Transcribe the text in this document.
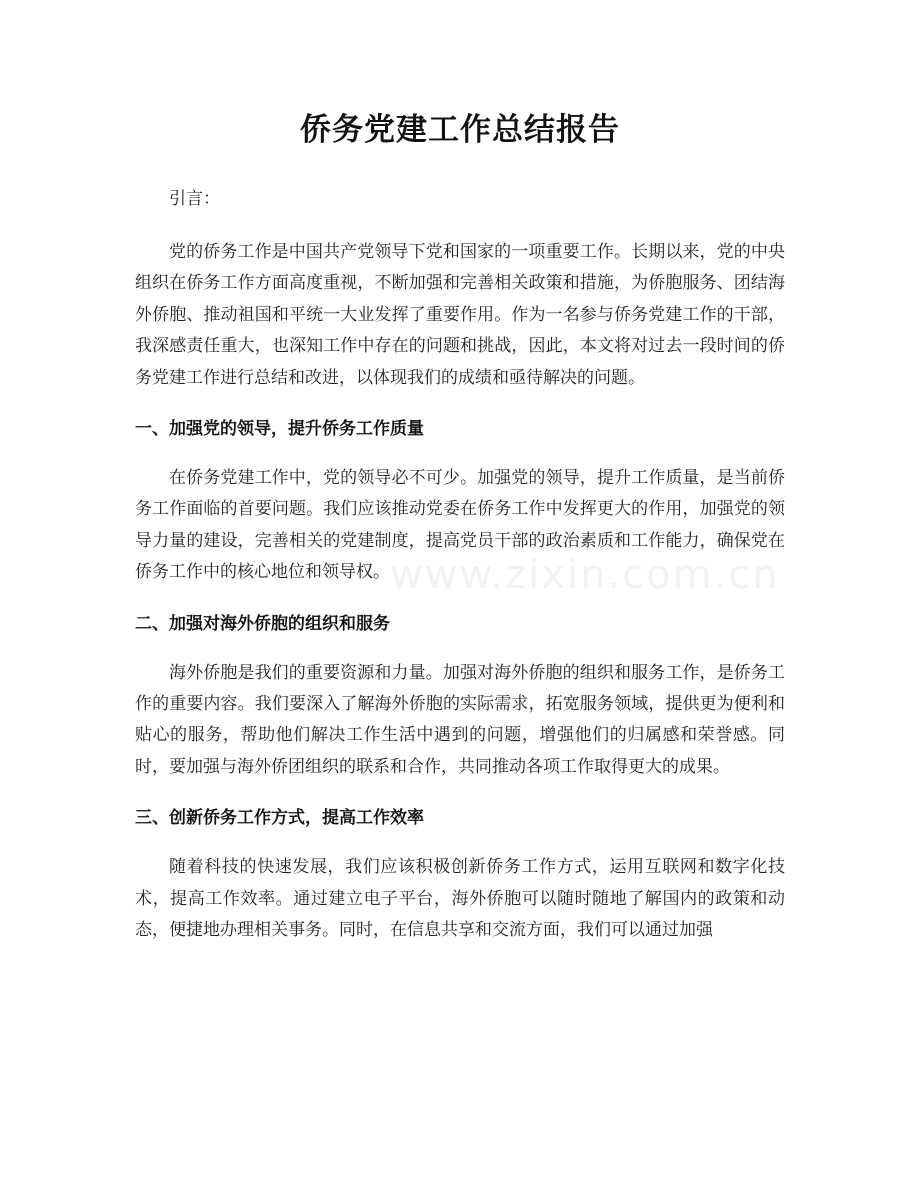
侨务党建工作总结报告
www.zixin.com.cn

引言：

党的侨务工作是中国共产党领导下党和国家的一项重要工作。长期以来，党的中央组织在侨务工作方面高度重视，不断加强和完善相关政策和措施，为侨胞服务、团结海外侨胞、推动祖国和平统一大业发挥了重要作用。作为一名参与侨务党建工作的干部，我深感责任重大，也深知工作中存在的问题和挑战，因此，本文将对过去一段时间的侨务党建工作进行总结和改进，以体现我们的成绩和亟待解决的问题。

一、加强党的领导，提升侨务工作质量

在侨务党建工作中，党的领导必不可少。加强党的领导，提升工作质量，是当前侨务工作面临的首要问题。我们应该推动党委在侨务工作中发挥更大的作用，加强党的领导力量的建设，完善相关的党建制度，提高党员干部的政治素质和工作能力，确保党在侨务工作中的核心地位和领导权。

二、加强对海外侨胞的组织和服务

海外侨胞是我们的重要资源和力量。加强对海外侨胞的组织和服务工作，是侨务工作的重要内容。我们要深入了解海外侨胞的实际需求，拓宽服务领域，提供更为便利和贴心的服务，帮助他们解决工作生活中遇到的问题，增强他们的归属感和荣誉感。同时，要加强与海外侨团组织的联系和合作，共同推动各项工作取得更大的成果。

三、创新侨务工作方式，提高工作效率

随着科技的快速发展，我们应该积极创新侨务工作方式，运用互联网和数字化技术，提高工作效率。通过建立电子平台，海外侨胞可以随时随地了解国内的政策和动态，便捷地办理相关事务。同时，在信息共享和交流方面，我们可以通过加强
